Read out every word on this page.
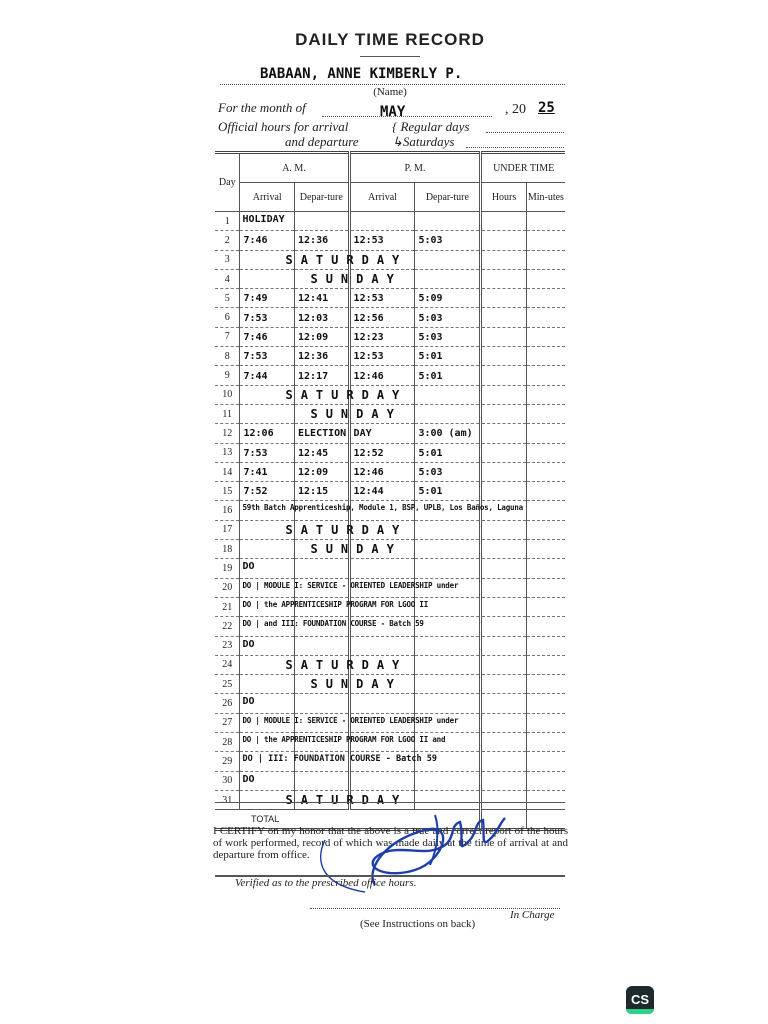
DAILY TIME RECORD
BABAAN, ANNE KIMBERLY P.
(Name)
For the month of	MAY	, 20 25
Official hours for arrival
and departure
{ Regular days
↳Saturdays
Day	A. M.		P. M.		UNDER TIME	
	Arrival	Depar-ture	Arrival	Depar-ture	Hours	Min-utes
1	HOLIDAY					

2	7:46	12:36	12:53	5:03		
3	SATURDAY					

4	SUNDAY					

5	7:49	12:41	12:53	5:09		
6	7:53	12:03	12:56	5:03		
7	7:46	12:09	12:23	5:03		
8	7:53	12:36	12:53	5:01		
9	7:44	12:17	12:46	5:01		
10	SATURDAY					

11	SUNDAY					

12	12:06	ELECTION	DAY	3:00 (am)		
13	7:53	12:45	12:52	5:01		
14	7:41	12:09	12:46	5:03		
15	7:52	12:15	12:44	5:01		
16	59th Batch Apprenticeship, Module 1, BSP, UPLB, Los Baños, Laguna					

17	SATURDAY					

18	SUNDAY					

19	DO					

20	DO | MODULE I: SERVICE - ORIENTED LEADERSHIP under					

21	DO | the APPRENTICESHIP PROGRAM FOR LGOO II					

22	DO | and III: FOUNDATION COURSE - Batch 59					

23	DO					

24	SATURDAY					

25	SUNDAY					

26	DO					

27	DO | MODULE I: SERVICE - ORIENTED LEADERSHIP under					

28	DO | the APPRENTICESHIP PROGRAM FOR LGOO II and					

29	DO | III: FOUNDATION COURSE - Batch 59					

30	DO					

31	SATURDAY					

TOTAL						
I CERTIFY on my honor that the above is a true and correct report of the hours of work performed, record of which was made daily at the time of arrival at and departure from office.
Verified as to the prescribed office hours.
In Charge
(See Instructions on back)
CS
